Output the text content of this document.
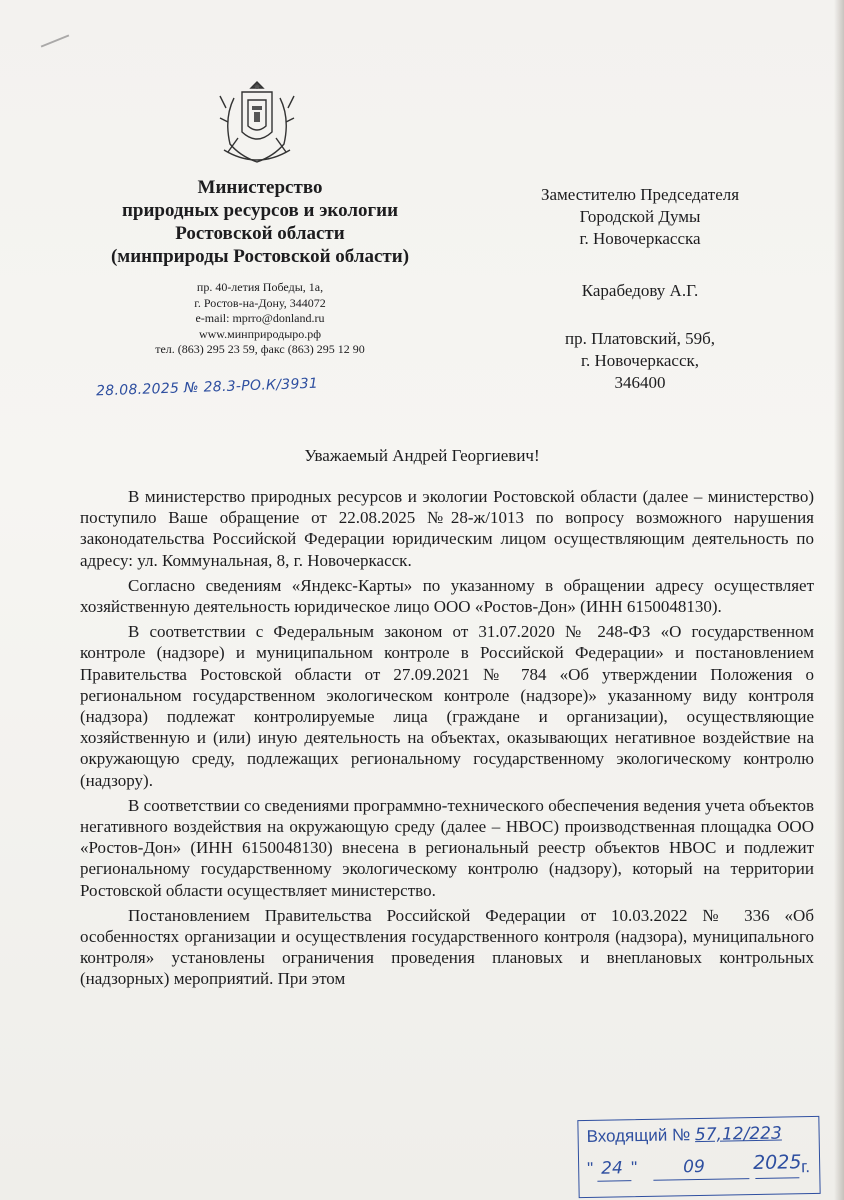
Министерство
природных ресурсов и экологии
Ростовской области
(минприроды Ростовской области)
пр. 40-летия Победы, 1а,
г. Ростов-на-Дону, 344072
e-mail: mprro@donland.ru
www.минприродыро.рф
тел. (863) 295 23 59, факс (863) 295 12 90
28.08.2025 № 28.3-РО.К/3931
Заместителю Председателя
Городской Думы
г. Новочеркасска
Карабедову А.Г.
пр. Платовский, 59б,
г. Новочеркасск,
346400
Уважаемый Андрей Георгиевич!

В министерство природных ресурсов и экологии Ростовской области (далее – министерство) поступило Ваше обращение от 22.08.2025 №28-ж/1013 по вопросу возможного нарушения законодательства Российской Федерации юридическим лицом осуществляющим деятельность по адресу: ул. Коммунальная, 8, г. Новочеркасск.

Согласно сведениям «Яндекс-Карты» по указанному в обращении адресу осуществляет хозяйственную деятельность юридическое лицо ООО «Ростов-Дон» (ИНН 6150048130).

В соответствии с Федеральным законом от 31.07.2020 № 248-ФЗ «О государственном контроле (надзоре) и муниципальном контроле в Российской Федерации» и постановлением Правительства Ростовской области от 27.09.2021 № 784 «Об утверждении Положения о региональном государственном экологическом контроле (надзоре)» указанному виду контроля (надзора) подлежат контролируемые лица (граждане и организации), осуществляющие хозяйственную и (или) иную деятельность на объектах, оказывающих негативное воздействие на окружающую среду, подлежащих региональному государственному экологическому контролю (надзору).

В соответствии со сведениями программно-технического обеспечения ведения учета объектов негативного воздействия на окружающую среду (далее – НВОС) производственная площадка ООО «Ростов-Дон» (ИНН 6150048130) внесена в региональный реестр объектов НВОС и подлежит региональному государственному экологическому контролю (надзору), который на территории Ростовской области осуществляет министерство.

Постановлением Правительства Российской Федерации от 10.03.2022 № 336 «Об особенностях организации и осуществления государственного контроля (надзора), муниципального контроля» установлены ограничения проведения плановых и внеплановых контрольных (надзорных) мероприятий. При этом

Входящий № 57,12/223
" 24 "	09	2025 г.
